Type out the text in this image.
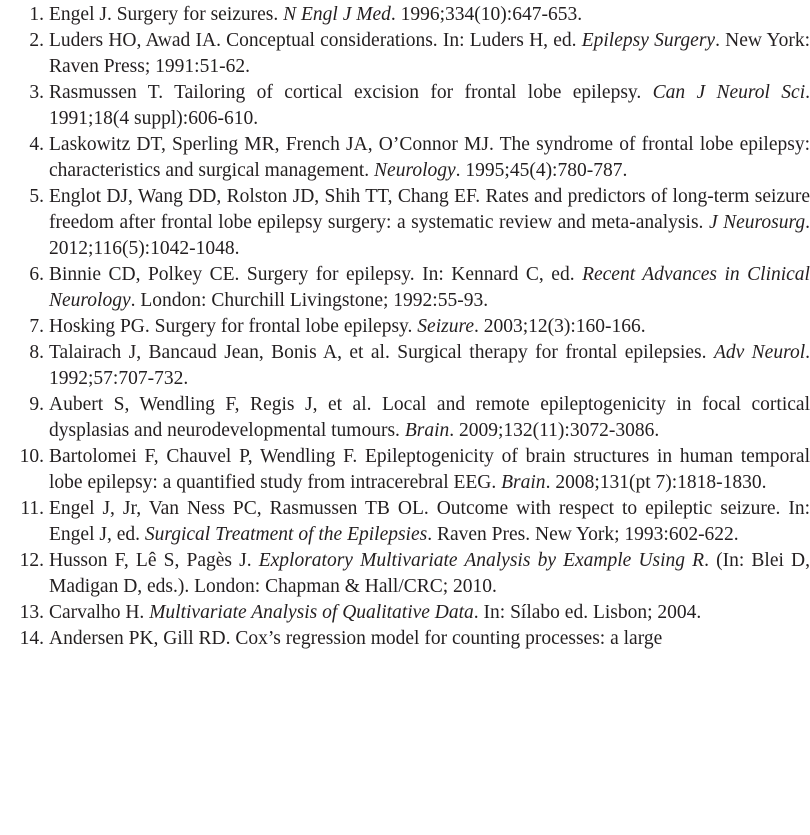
1 . Engel J. Surgery for seizures. N Engl J Med. 1996;334(10):647-653.
2 . Luders HO, Awad IA. Conceptual considerations. In: Luders H, ed. Epilepsy Surgery. New York: Raven Press; 1991:51-62.
3 . Rasmussen T. Tailoring of cortical excision for frontal lobe epilepsy. Can J Neurol Sci. 1991;18(4 suppl):606-610.
4 . Laskowitz DT, Sperling MR, French JA, O’Connor MJ. The syndrome of frontal lobe epilepsy: characteristics and surgical management. Neurology. 1995;45(4):780-787.
5 . Englot DJ, Wang DD, Rolston JD, Shih TT, Chang EF. Rates and predictors of long-term seizure freedom after frontal lobe epilepsy surgery: a systematic review and meta-analysis. J Neurosurg. 2012;116(5):1042-1048.
6 . Binnie CD, Polkey CE. Surgery for epilepsy. In: Kennard C, ed. Recent Advances in Clinical Neurology. London: Churchill Livingstone; 1992:55-93.
7 . Hosking PG. Surgery for frontal lobe epilepsy. Seizure. 2003;12(3):160-166.
8 . Talairach J, Bancaud Jean, Bonis A, et al. Surgical therapy for frontal epilepsies. Adv Neurol. 1992;57:707-732.
9 . Aubert S, Wendling F, Regis J, et al. Local and remote epileptogenicity in focal cortical dysplasias and neurodevelopmental tumours. Brain. 2009;132(11):3072-3086.
10 . Bartolomei F, Chauvel P, Wendling F. Epileptogenicity of brain structures in human temporal lobe epilepsy: a quantified study from intracerebral EEG. Brain. 2008;131(pt 7):1818-1830.
11 . Engel J, Jr, Van Ness PC, Rasmussen TB OL. Outcome with respect to epileptic seizure. In: Engel J, ed. Surgical Treatment of the Epilepsies. Raven Pres. New York; 1993:602-622.
12 . Husson F, Lê S, Pagès J. Exploratory Multivariate Analysis by Example Using R. (In: Blei D, Madigan D, eds.). London: Chapman & Hall/CRC; 2010.
13 . Carvalho H. Multivariate Analysis of Qualitative Data. In: Sílabo ed. Lisbon; 2004.
14 . Andersen PK, Gill RD. Cox’s regression model for counting processes: a large
